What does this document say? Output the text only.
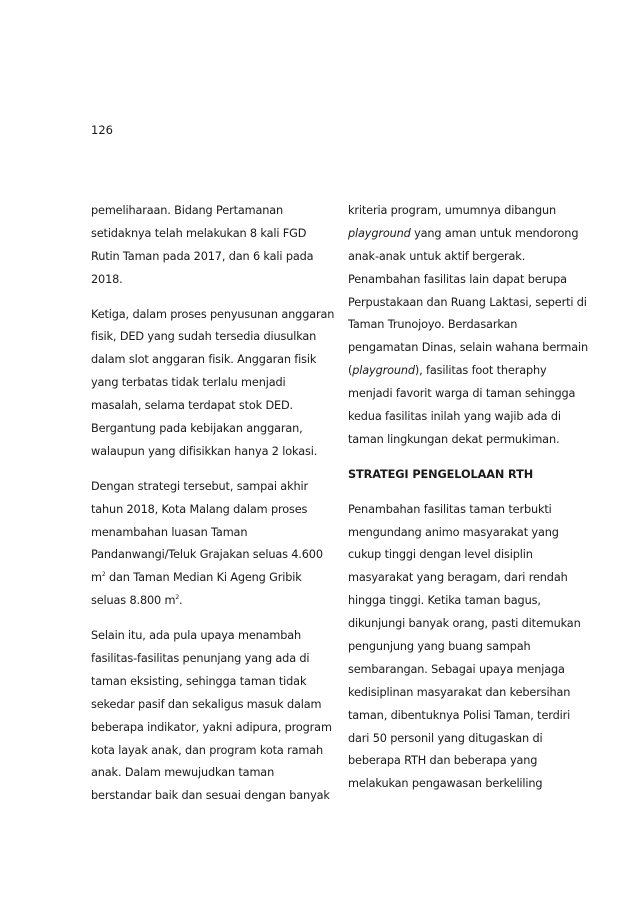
126
pemeliharaan. Bidang Pertamanan
setidaknya telah melakukan 8 kali FGD
Rutin Taman pada 2017, dan 6 kali pada
2018.
Ketiga, dalam proses penyusunan anggaran
fisik, DED yang sudah tersedia diusulkan
dalam slot anggaran fisik. Anggaran fisik
yang terbatas tidak terlalu menjadi
masalah, selama terdapat stok DED.
Bergantung pada kebijakan anggaran,
walaupun yang difisikkan hanya 2 lokasi.
Dengan strategi tersebut, sampai akhir
tahun 2018, Kota Malang dalam proses
menambahan luasan Taman
Pandanwangi/Teluk Grajakan seluas 4.600
$m^2$ dan Taman Median Ki Ageng Gribik
seluas 8.800 $m^2$.
Selain itu, ada pula upaya menambah
fasilitas-fasilitas penunjang yang ada di
taman eksisting, sehingga taman tidak
sekedar pasif dan sekaligus masuk dalam
beberapa indikator, yakni adipura, program
kota layak anak, dan program kota ramah
anak. Dalam mewujudkan taman
berstandar baik dan sesuai dengan banyak
kriteria program, umumnya dibangun
playground yang aman untuk mendorong
anak-anak untuk aktif bergerak.
Penambahan fasilitas lain dapat berupa
Perpustakaan dan Ruang Laktasi, seperti di
Taman Trunojoyo. Berdasarkan
pengamatan Dinas, selain wahana bermain
(playground), fasilitas foot theraphy
menjadi favorit warga di taman sehingga
kedua fasilitas inilah yang wajib ada di
taman lingkungan dekat permukiman.
STRATEGI PENGELOLAAN RTH
Penambahan fasilitas taman terbukti
mengundang animo masyarakat yang
cukup tinggi dengan level disiplin
masyarakat yang beragam, dari rendah
hingga tinggi. Ketika taman bagus,
dikunjungi banyak orang, pasti ditemukan
pengunjung yang buang sampah
sembarangan. Sebagai upaya menjaga
kedisiplinan masyarakat dan kebersihan
taman, dibentuknya Polisi Taman, terdiri
dari 50 personil yang ditugaskan di
beberapa RTH dan beberapa yang
melakukan pengawasan berkeliling
